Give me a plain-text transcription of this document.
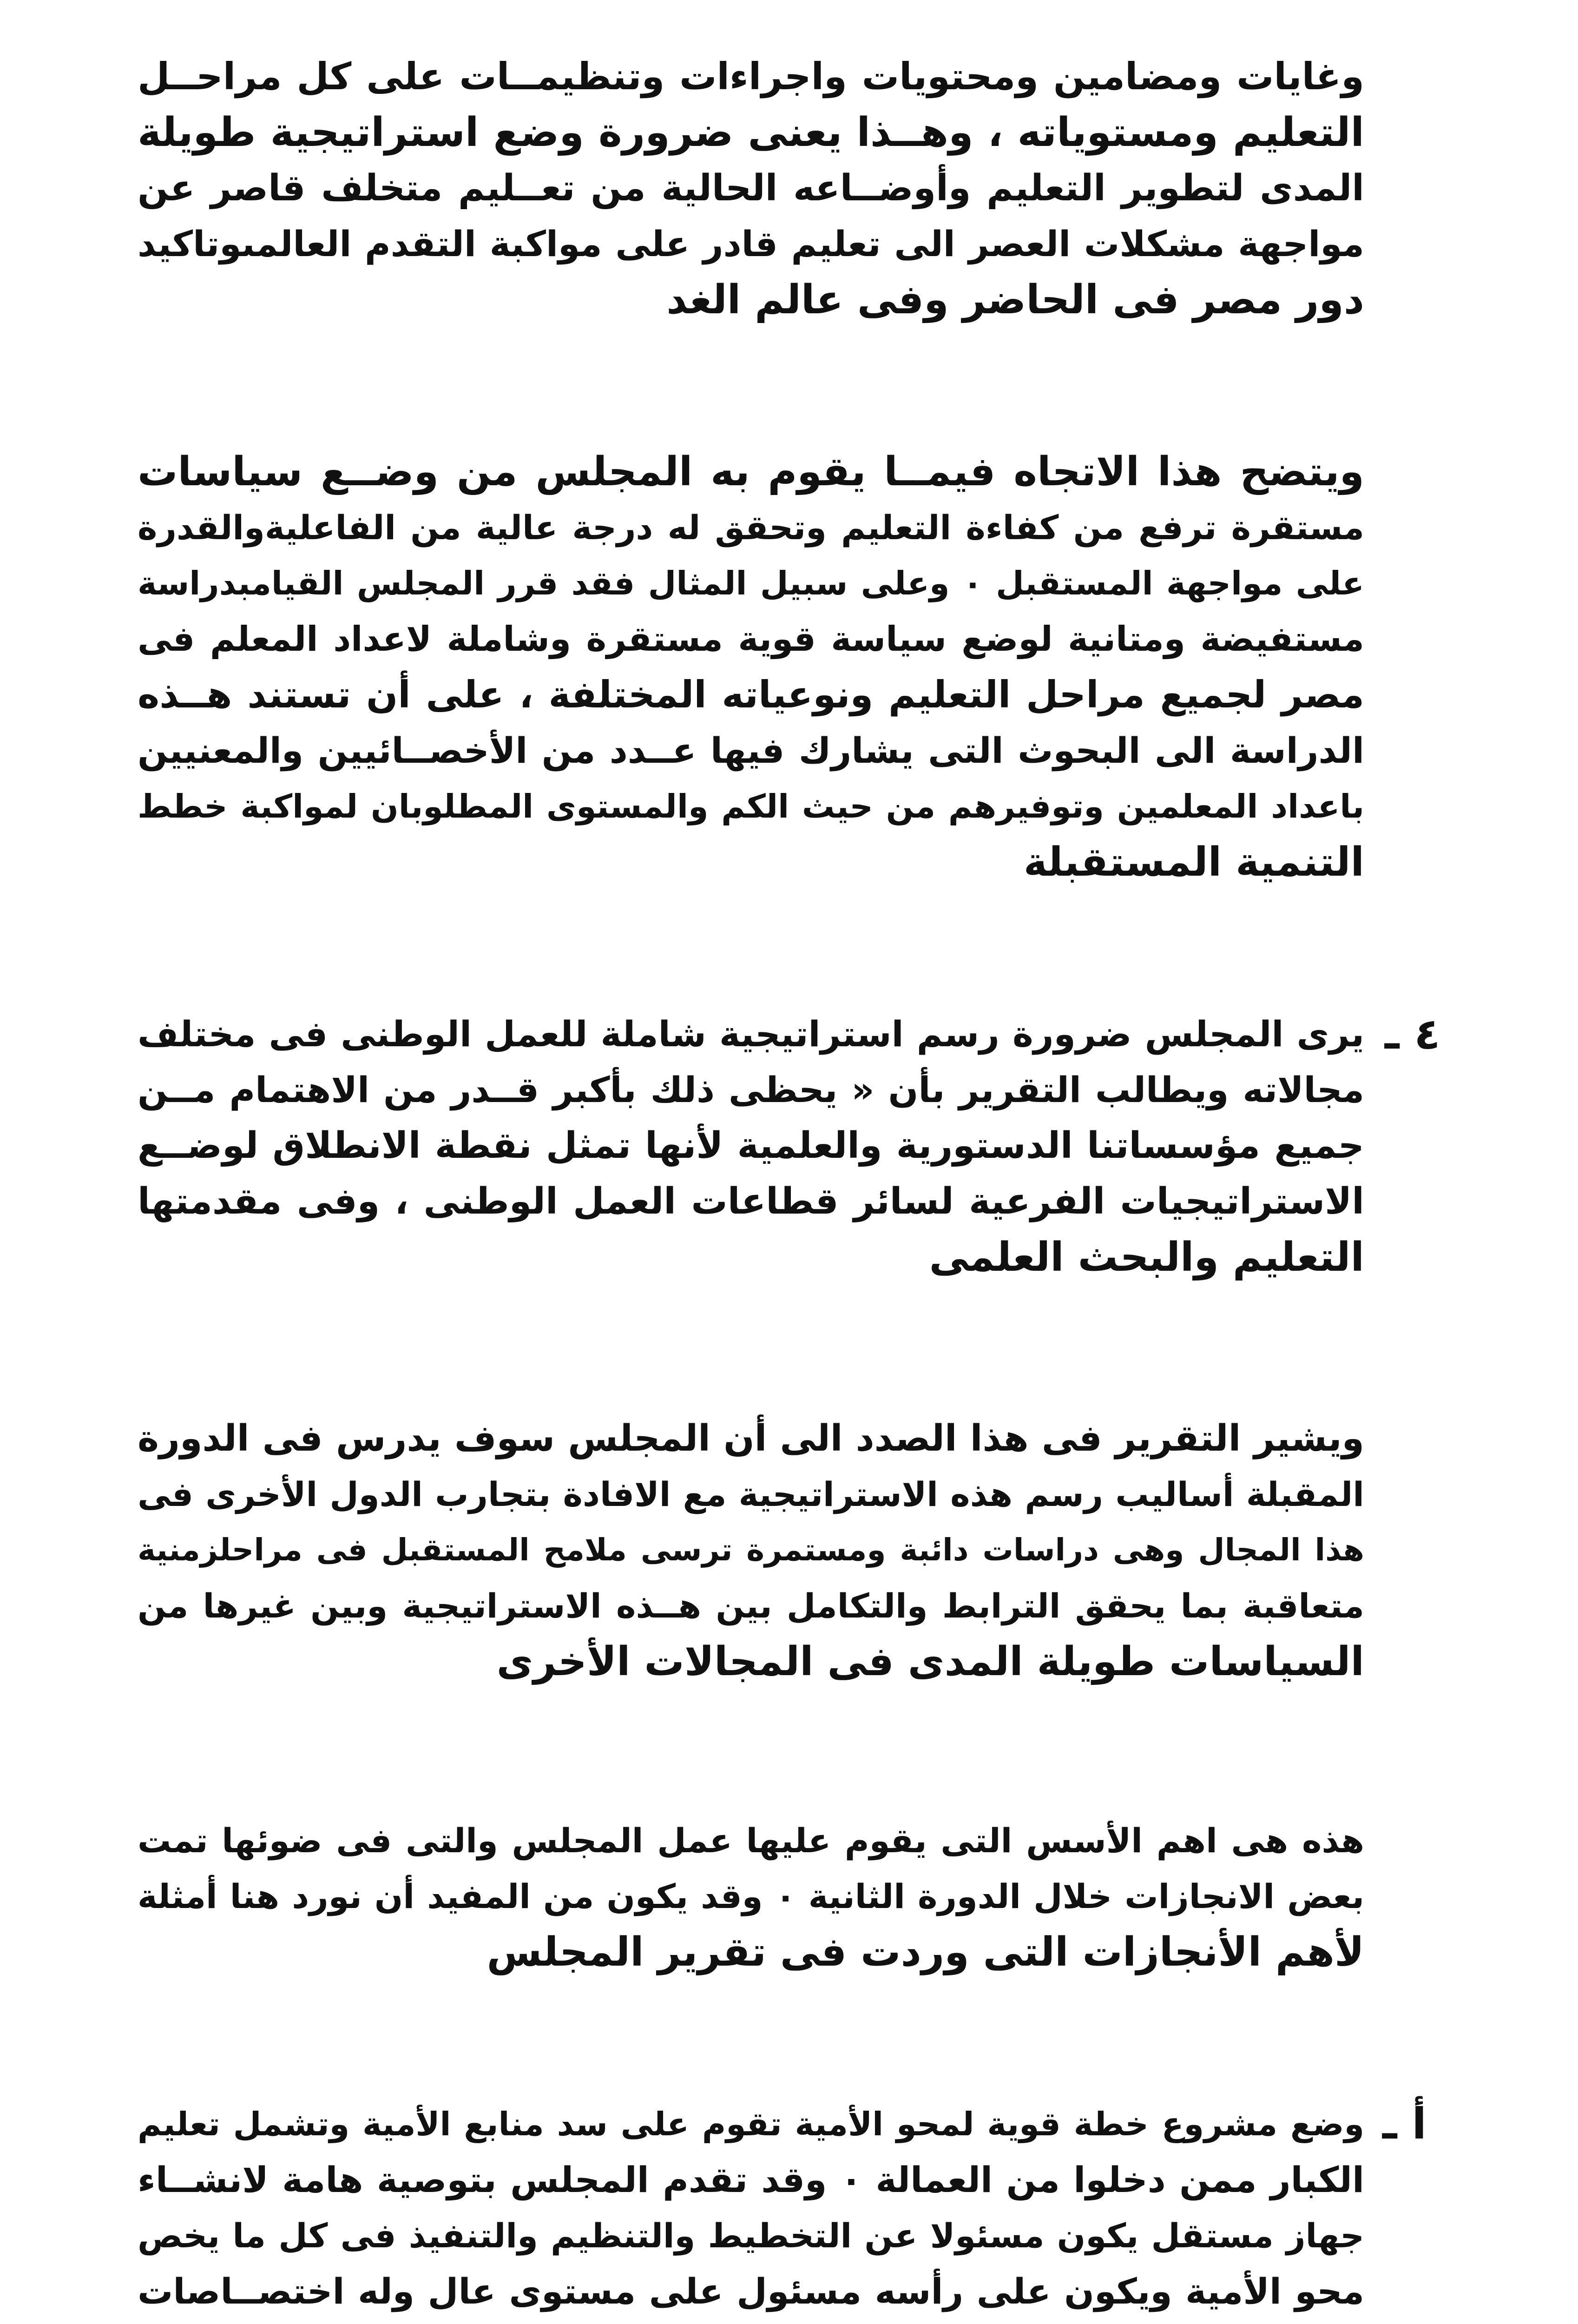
وغايات ومضامين ومحتويات واجراءات وتنظيمــات على كل مراحــل

التعليم ومستوياته ، وهــذا يعنى ضرورة وضع استراتيجية طويلة

المدى لتطوير التعليم وأوضــاعه الحالية من تعــليم متخلف قاصر عن

مواجهة مشكلات العصر الى تعليم قادر على مواكبة التقدم العالمىوتاكيد

دور مصر فى الحاضر وفى عالم الغد

ويتضح هذا الاتجاه فيمــا يقوم به المجلس من وضــع سياسات

مستقرة ترفع من كفاءة التعليم وتحقق له درجة عالية من الفاعليةوالقدرة

على مواجهة المستقبل ٠ وعلى سبيل المثال فقد قرر المجلس القيامبدراسة

مستفيضة ومتانية لوضع سياسة قوية مستقرة وشاملة لاعداد المعلم فى

مصر لجميع مراحل التعليم ونوعياته المختلفة ، على أن تستند هــذه

الدراسة الى البحوث التى يشارك فيها عــدد من الأخصــائيين والمعنيين

باعداد المعلمين وتوفيرهم من حيث الكم والمستوى المطلوبان لمواكبة خطط

التنمية المستقبلة

٤ ـ

يرى المجلس ضرورة رسم استراتيجية شاملة للعمل الوطنى فى مختلف

مجالاته ويطالب التقرير بأن « يحظى ذلك بأكبر قــدر من الاهتمام مــن

جميع مؤسساتنا الدستورية والعلمية لأنها تمثل نقطة الانطلاق لوضــع

الاستراتيجيات الفرعية لسائر قطاعات العمل الوطنى ، وفى مقدمتها

التعليم والبحث العلمى

ويشير التقرير فى هذا الصدد الى أن المجلس سوف يدرس فى الدورة

المقبلة أساليب رسم هذه الاستراتيجية مع الافادة بتجارب الدول الأخرى فى

هذا المجال وهى دراسات دائبة ومستمرة ترسى ملامح المستقبل فى مراحلزمنية

متعاقبة بما يحقق الترابط والتكامل بين هــذه الاستراتيجية وبين غيرها من

السياسات طويلة المدى فى المجالات الأخرى

هذه هى اهم الأسس التى يقوم عليها عمل المجلس والتى فى ضوئها تمت

بعض الانجازات خلال الدورة الثانية ٠ وقد يكون من المفيد أن نورد هنا أمثلة

لأهم الأنجازات التى وردت فى تقرير المجلس

أ ـ

وضع مشروع خطة قوية لمحو الأمية تقوم على سد منابع الأمية وتشمل تعليم

الكبار ممن دخلوا من العمالة ٠ وقد تقدم المجلس بتوصية هامة لانشــاء

جهاز مستقل يكون مسئولا عن التخطيط والتنظيم والتنفيذ فى كل ما يخص

محو الأمية ويكون على رأسه مسئول على مستوى عال وله اختصــاصات
